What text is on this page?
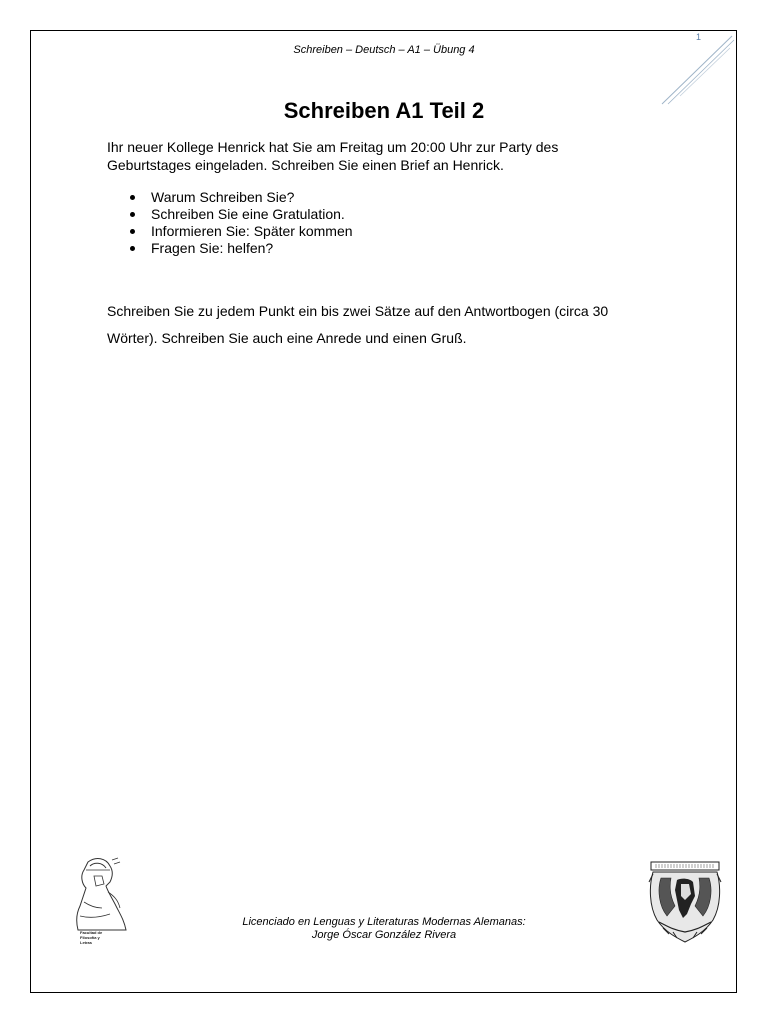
Schreiben – Deutsch – A1 – Übung 4
1
Schreiben A1 Teil 2
Ihr neuer Kollege Henrick hat Sie am Freitag um 20:00 Uhr zur Party des
Geburtstages eingeladen. Schreiben Sie einen Brief an Henrick.
Warum Schreiben Sie?
Schreiben Sie eine Gratulation.
Informieren Sie: Später kommen
Fragen Sie: helfen?
Schreiben Sie zu jedem Punkt ein bis zwei Sätze auf den Antwortbogen (circa 30
Wörter). Schreiben Sie auch eine Anrede und einen Gruß.
Facultad de
Filosofía y
Letras
Licenciado en Lenguas y Literaturas Modernas Alemanas:
Jorge Óscar González Rivera
